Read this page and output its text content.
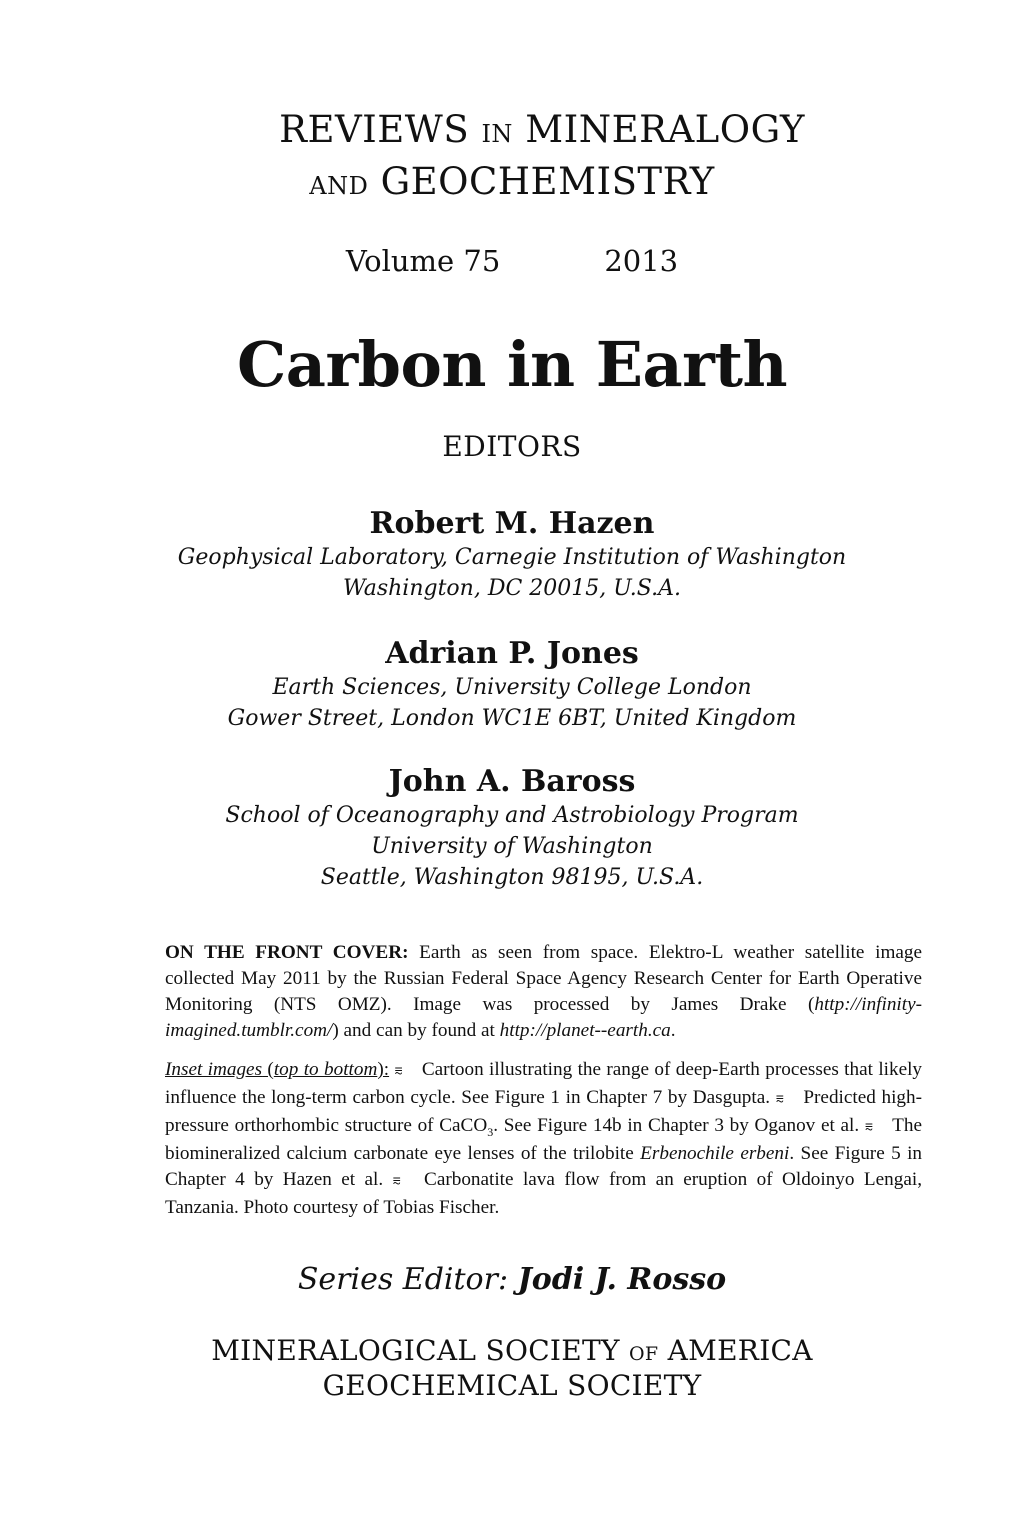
REVIEWS IN MINERALOGY
AND GEOCHEMISTRY
Volume 75	2013
Carbon in Earth
EDITORS
Robert M. Hazen
Geophysical Laboratory, Carnegie Institution of Washington
Washington, DC 20015, U.S.A.
Adrian P. Jones
Earth Sciences, University College London
Gower Street, London WC1E 6BT, United Kingdom
John A. Baross
School of Oceanography and Astrobiology Program
University of Washington
Seattle, Washington 98195, U.S.A.
ON THE FRONT COVER: Earth as seen from space. Elektro-L weather satellite image collected May 2011 by the Russian Federal Space Agency Research Center for Earth Operative Monitoring (NTS OMZ). Image was processed by James Drake (http://infinity-imagined.tumblr.com/) and can by found at http://planet--earth.ca.
Inset images (top to bottom): ⩳ Cartoon illustrating the range of deep-Earth processes that likely influence the long-term carbon cycle. See Figure 1 in Chapter 7 by Dasgupta. ⩳ Predicted high-pressure orthorhombic structure of CaCO$_3$. See Figure 14b in Chapter 3 by Oganov et al. ⩳ The biomineralized calcium carbonate eye lenses of the trilobite Erbenochile erbeni. See Figure 5 in Chapter 4 by Hazen et al. ⩳ Carbonatite lava flow from an eruption of Oldoinyo Lengai, Tanzania. Photo courtesy of Tobias Fischer.
Series Editor: Jodi J. Rosso
MINERALOGICAL SOCIETY OF AMERICA
GEOCHEMICAL SOCIETY
